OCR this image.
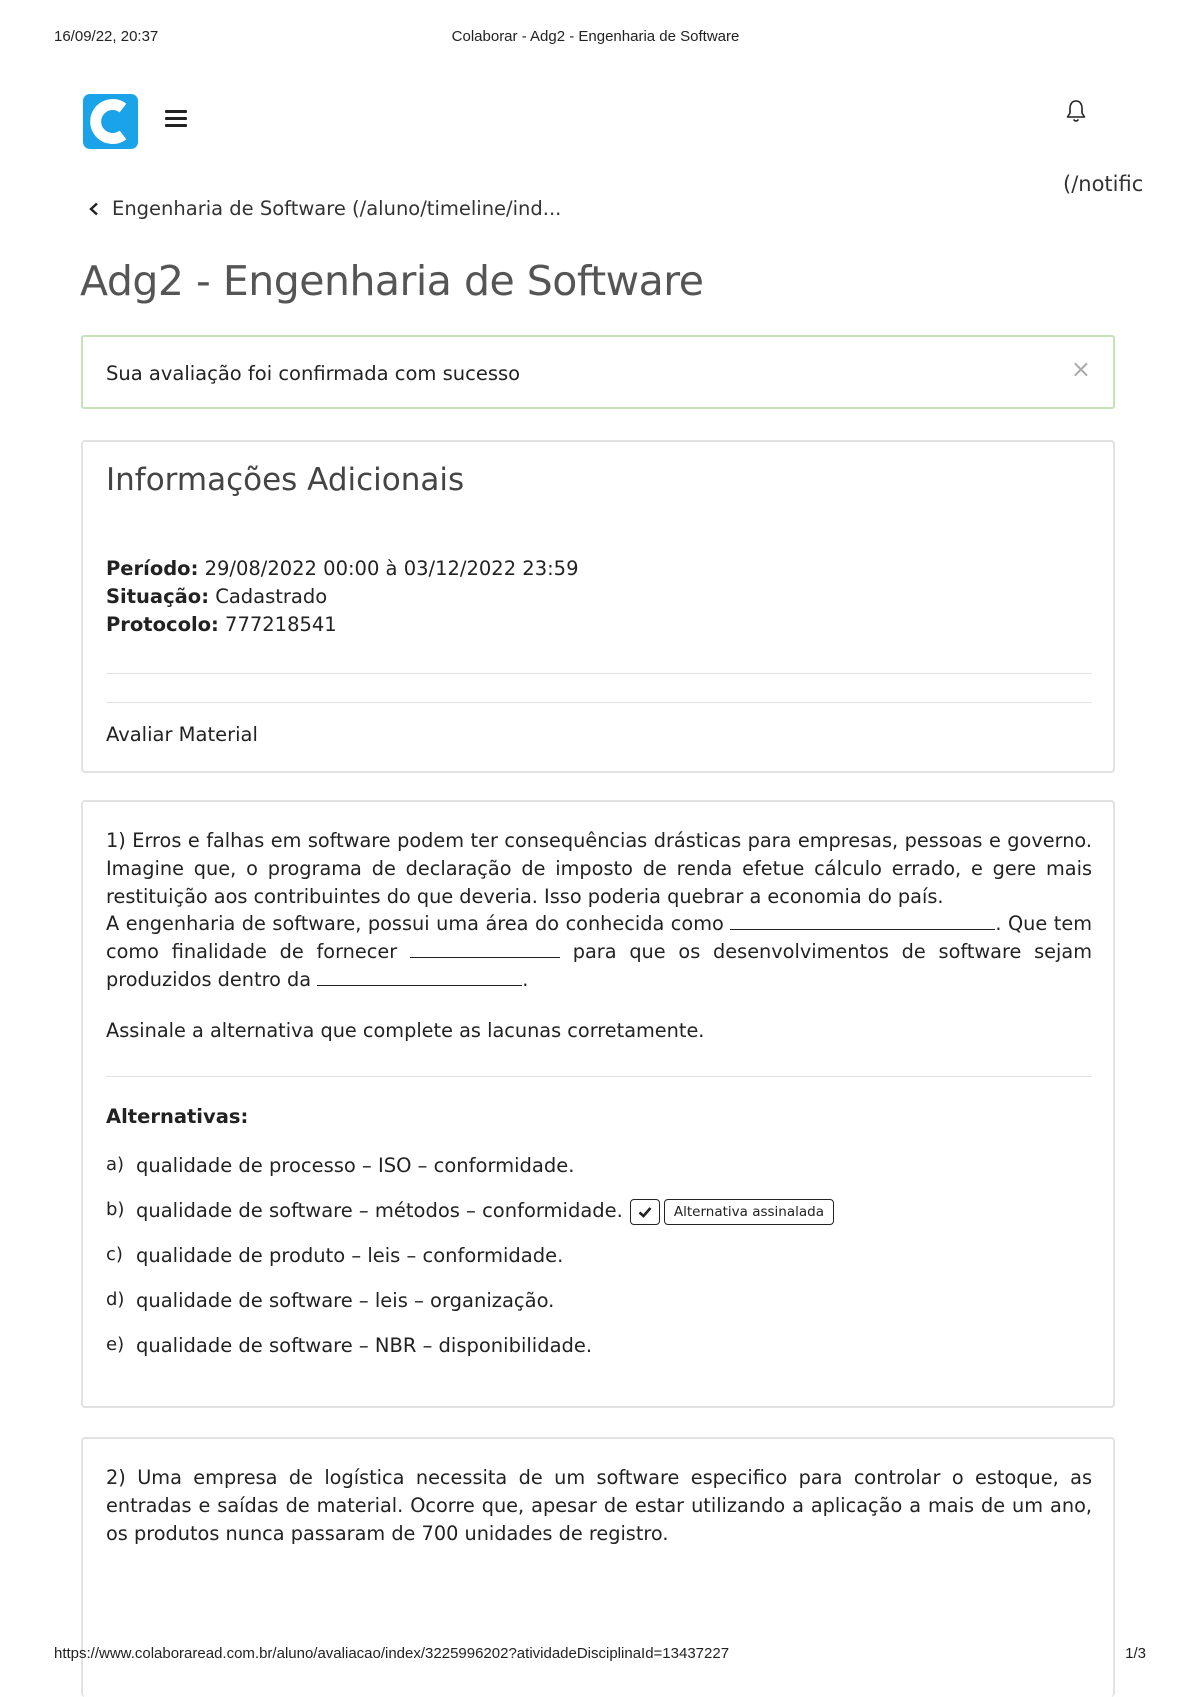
16/09/22, 20:37	Colaborar - Adg2 - Engenharia de Software
(/notific
Engenharia de Software (/aluno/timeline/ind...
Adg2 - Engenharia de Software
Sua avaliação foi confirmada com sucesso	×
Informações Adicionais
Período: 29/08/2022 00:00 à 03/12/2022 23:59
Situação: Cadastrado
Protocolo: 777218541
Avaliar Material

1) Erros e falhas em software podem ter consequências drásticas para empresas, pessoas e governo. Imagine que, o programa de declaração de imposto de renda efetue cálculo errado, e gere mais restituição aos contribuintes do que deveria. Isso poderia quebrar a economia do país.

A engenharia de software, possui uma área do conhecida como	. Que tem como finalidade de fornecer	para que os desenvolvimentos de software sejam produzidos dentro da	.

Assinale a alternativa que complete as lacunas corretamente.

Alternativas:
a) qualidade de processo – ISO – conformidade.
b) qualidade de software – métodos – conformidade.	Alternativa assinalada
c) qualidade de produto – leis – conformidade.
d) qualidade de software – leis – organização.
e) qualidade de software – NBR – disponibilidade.

2) Uma empresa de logística necessita de um software especifico para controlar o estoque, as entradas e saídas de material. Ocorre que, apesar de estar utilizando a aplicação a mais de um ano, os produtos nunca passaram de 700 unidades de registro.

https://www.colaboraread.com.br/aluno/avaliacao/index/3225996202?atividadeDisciplinaId=13437227	1/3
